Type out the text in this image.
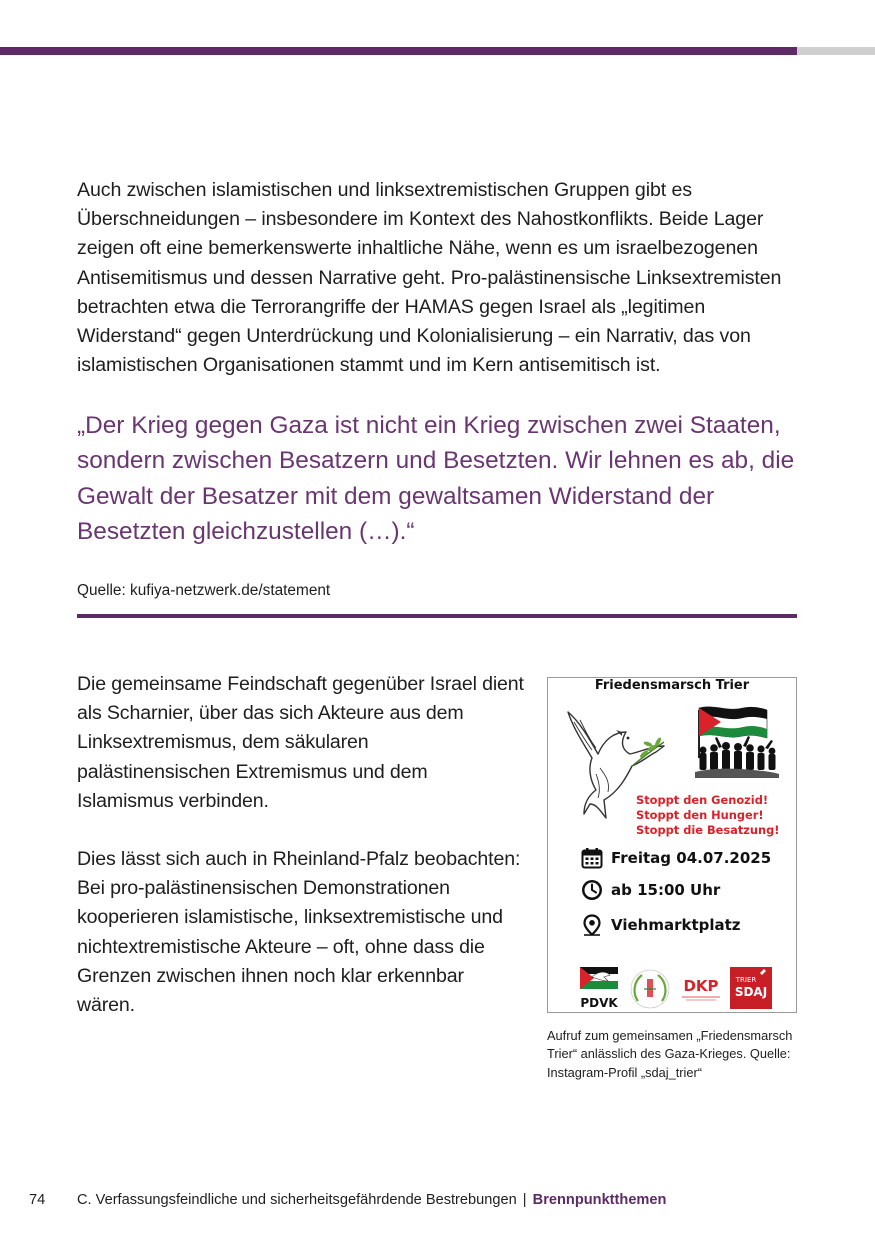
Auch zwischen islamistischen und linksextremistischen Gruppen gibt es Überschneidungen – insbesondere im Kontext des Nahostkonflikts. Beide Lager zeigen oft eine bemerkenswerte inhaltliche Nähe, wenn es um israelbezogenen Antisemitismus und dessen Narrative geht. Pro-palästinensische Linksextremisten betrachten etwa die Terrorangriffe der HAMAS gegen Israel als „legitimen Widerstand“ gegen Unterdrückung und Kolonialisierung – ein Narrativ, das von islamistischen Organisationen stammt und im Kern antisemitisch ist.

„Der Krieg gegen Gaza ist nicht ein Krieg zwischen zwei Staaten, sondern zwischen Besatzern und Besetzten. Wir lehnen es ab, die Gewalt der Besatzer mit dem gewaltsamen Widerstand der Besetzten gleichzustellen (…).“
Quelle: kufiya-netzwerk.de/statement

Die gemeinsame Feindschaft gegenüber Israel dient als Scharnier, über das sich Akteure aus dem Linksextremismus, dem säkularen palästinensischen Extremismus und dem Islamismus verbinden.

Dies lässt sich auch in Rheinland-Pfalz beobachten: Bei pro-palästinensischen Demonstrationen kooperieren islamistische, linksextremistische und nichtextremistische Akteure – oft, ohne dass die Grenzen zwischen ihnen noch klar erkennbar wären.

Friedensmarsch Trier
Stoppt den Genozid!
Stoppt den Hunger!
Stoppt die Besatzung!
Freitag 04.07.2025
ab 15:00 Uhr
Viehmarktplatz
PDVK
DKP TRIER
SDAJ
Aufruf zum gemeinsamen „Friedensmarsch Trier“ anlässlich des Gaza-Krieges. Quelle: Instagram-Profil „sdaj_trier“
74 C. Verfassungsfeindliche und sicherheitsgefährdende Bestrebungen | Brennpunktthemen
